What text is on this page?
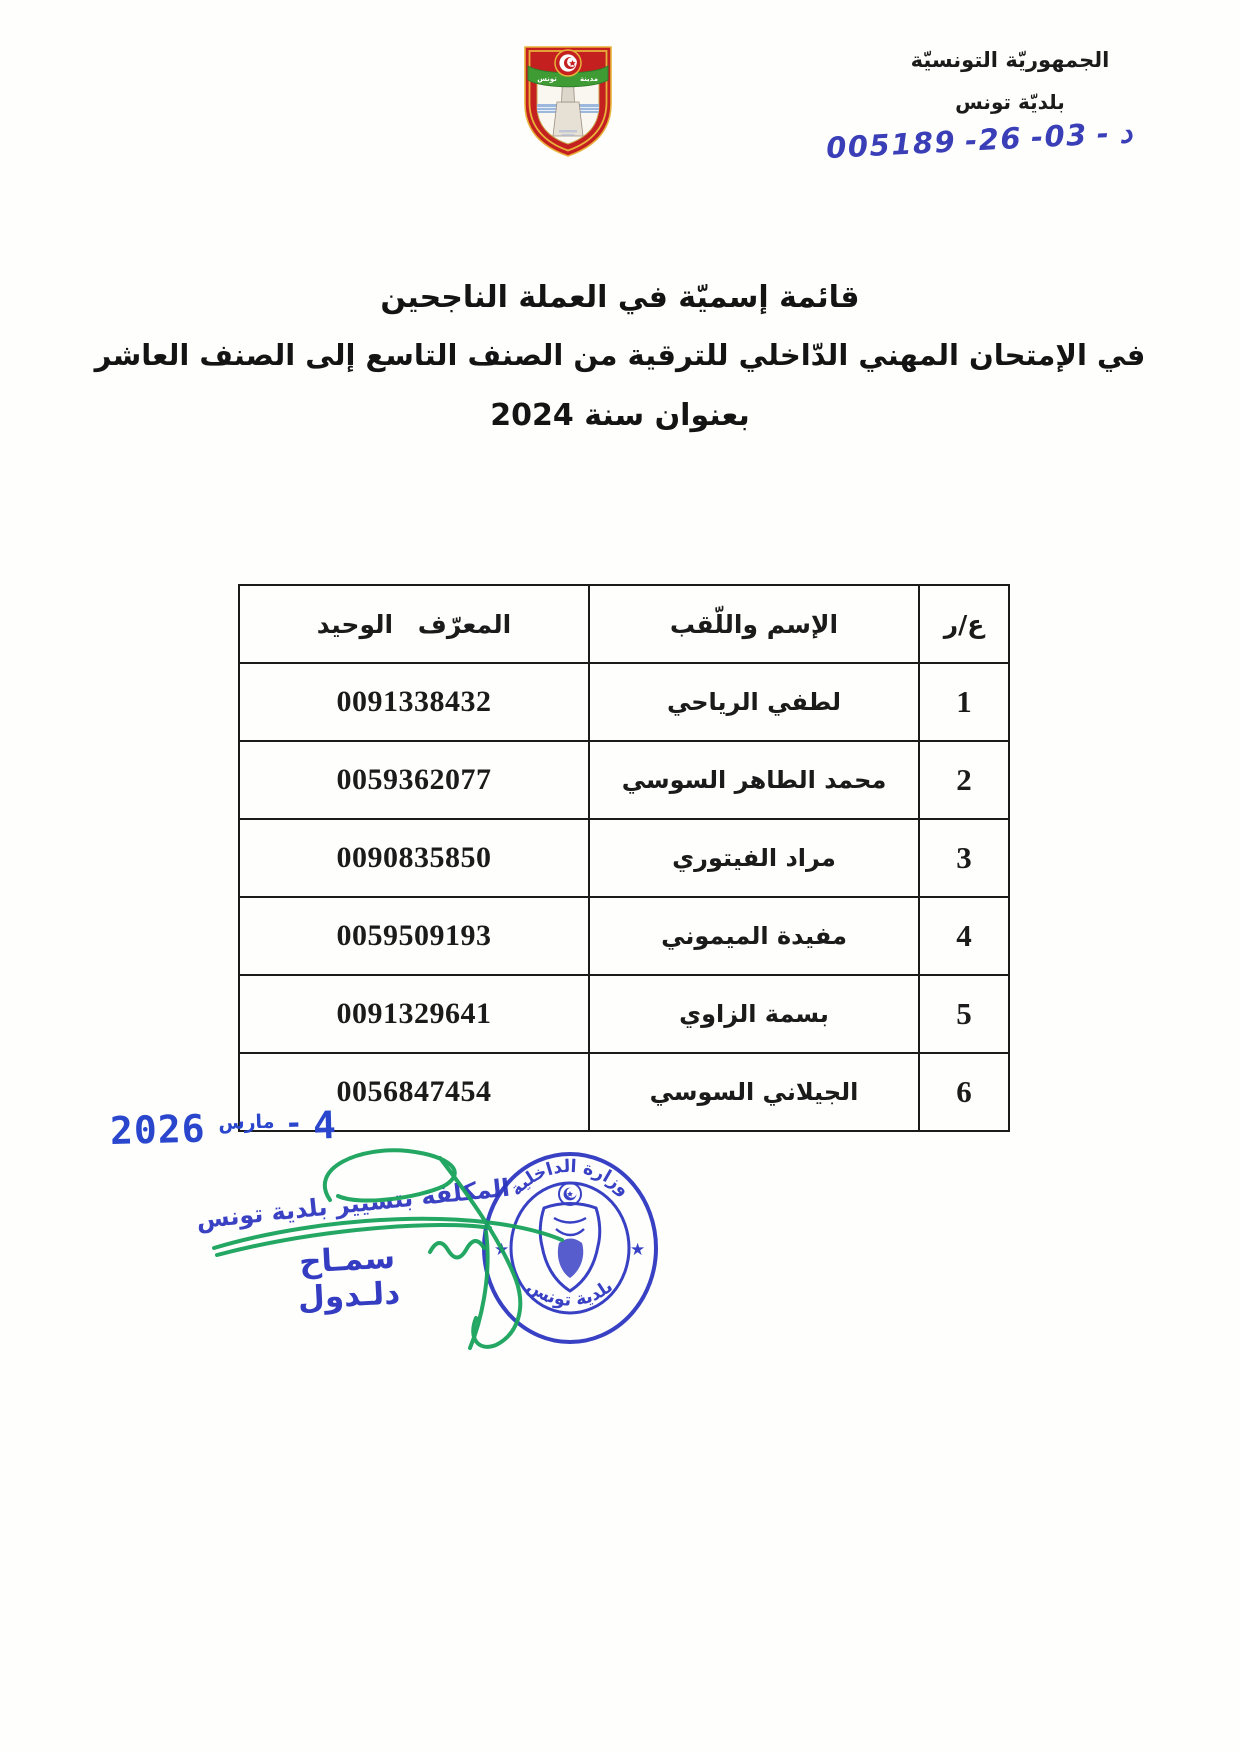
مدينة
تونس
الجمهوريّة التونسيّة
بلديّة تونس
005189 -26 -03 - د
قائمة إسميّة في العملة الناجحين
في الإمتحان المهني الدّاخلي للترقية من الصنف التاسع إلى الصنف العاشر
بعنوان سنة 2024
ع/ر	الإسم واللّقب	المعرّف الوحيد
1	لطفي الرياحي	0091338432
2	محمد الطاهر السوسي	0059362077
3	مراد الفيتوري	0090835850
4	مفيدة الميموني	0059509193
5	بسمة الزاوي	0091329641
6	الجيلاني السوسي	0056847454
2026 مارس - 4
المكلفة بتسيير بلدية تونس
سمـاح دلـدول
★	★
وزارة الداخلية
بلدية تونس
